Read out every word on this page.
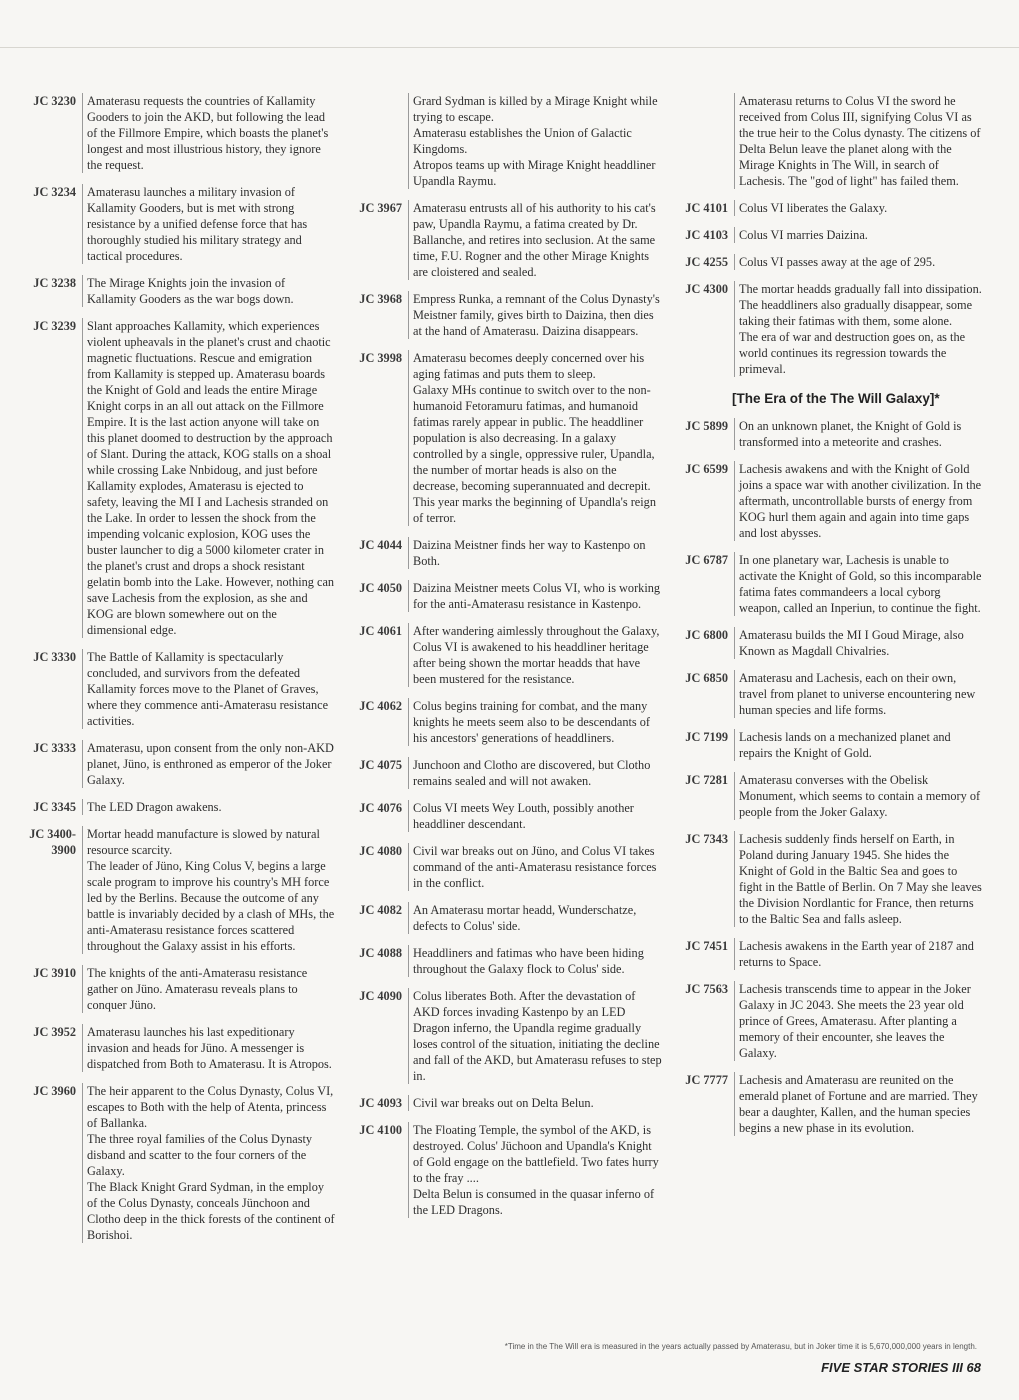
JC 3230 Amaterasu requests the countries of Kallamity Gooders to join the AKD, but following the lead of the Fillmore Empire, which boasts the planet's longest and most illustrious history, they ignore the request.
JC 3234 Amaterasu launches a military invasion of Kallamity Gooders, but is met with strong resistance by a unified defense force that has thoroughly studied his military strategy and tactical procedures.
JC 3238 The Mirage Knights join the invasion of Kallamity Gooders as the war bogs down.
JC 3239 Slant approaches Kallamity, which experiences violent upheavals in the planet's crust and chaotic magnetic fluctuations. Rescue and emigration from Kallamity is stepped up. Amaterasu boards the Knight of Gold and leads the entire Mirage Knight corps in an all out attack on the Fillmore Empire. It is the last action anyone will take on this planet doomed to destruction by the approach of Slant. During the attack, KOG stalls on a shoal while crossing Lake Nnbidoug, and just before Kallamity explodes, Amaterasu is ejected to safety, leaving the MI I and Lachesis stranded on the Lake. In order to lessen the shock from the impending volcanic explosion, KOG uses the buster launcher to dig a 5000 kilometer crater in the planet's crust and drops a shock resistant gelatin bomb into the Lake. However, nothing can save Lachesis from the explosion, as she and KOG are blown somewhere out on the dimensional edge.
JC 3330 The Battle of Kallamity is spectacularly concluded, and survivors from the defeated Kallamity forces move to the Planet of Graves, where they commence anti-Amaterasu resistance activities.
JC 3333 Amaterasu, upon consent from the only non-AKD planet, Jüno, is enthroned as emperor of the Joker Galaxy.
JC 3345 The LED Dragon awakens.
JC 3400-
3900
Mortar headd manufacture is slowed by natural resource scarcity.
The leader of Jüno, King Colus V, begins a large scale program to improve his country's MH force led by the Berlins. Because the outcome of any battle is invariably decided by a clash of MHs, the anti-Amaterasu resistance forces scattered throughout the Galaxy assist in his efforts.
JC 3910 The knights of the anti-Amaterasu resistance gather on Jüno. Amaterasu reveals plans to conquer Jüno.
JC 3952 Amaterasu launches his last expeditionary invasion and heads for Jüno. A messenger is dispatched from Both to Amaterasu. It is Atropos.
JC 3960 The heir apparent to the Colus Dynasty, Colus VI, escapes to Both with the help of Atenta, princess of Ballanka.
The three royal families of the Colus Dynasty disband and scatter to the four corners of the Galaxy.
The Black Knight Grard Sydman, in the employ of the Colus Dynasty, conceals Jünchoon and Clotho deep in the thick forests of the continent of Borishoi.
Grard Sydman is killed by a Mirage Knight while trying to escape.
Amaterasu establishes the Union of Galactic Kingdoms.
Atropos teams up with Mirage Knight headdliner Upandla Raymu.
JC 3967 Amaterasu entrusts all of his authority to his cat's paw, Upandla Raymu, a fatima created by Dr. Ballanche, and retires into seclusion. At the same time, F.U. Rogner and the other Mirage Knights are cloistered and sealed.
JC 3968 Empress Runka, a remnant of the Colus Dynasty's Meistner family, gives birth to Daizina, then dies at the hand of Amaterasu. Daizina disappears.
JC 3998 Amaterasu becomes deeply concerned over his aging fatimas and puts them to sleep.
Galaxy MHs continue to switch over to the non-humanoid Fetoramuru fatimas, and humanoid fatimas rarely appear in public. The headdliner population is also decreasing. In a galaxy controlled by a single, oppressive ruler, Upandla, the number of mortar heads is also on the decrease, becoming superannuated and decrepit.
This year marks the beginning of Upandla's reign of terror.
JC 4044 Daizina Meistner finds her way to Kastenpo on Both.
JC 4050 Daizina Meistner meets Colus VI, who is working for the anti-Amaterasu resistance in Kastenpo.
JC 4061 After wandering aimlessly throughout the Galaxy, Colus VI is awakened to his headdliner heritage after being shown the mortar headds that have been mustered for the resistance.
JC 4062 Colus begins training for combat, and the many knights he meets seem also to be descendants of his ancestors' generations of headdliners.
JC 4075 Junchoon and Clotho are discovered, but Clotho remains sealed and will not awaken.
JC 4076 Colus VI meets Wey Louth, possibly another headdliner descendant.
JC 4080 Civil war breaks out on Jüno, and Colus VI takes command of the anti-Amaterasu resistance forces in the conflict.
JC 4082 An Amaterasu mortar headd, Wunderschatze, defects to Colus' side.
JC 4088 Headdliners and fatimas who have been hiding throughout the Galaxy flock to Colus' side.
JC 4090 Colus liberates Both. After the devastation of AKD forces invading Kastenpo by an LED Dragon inferno, the Upandla regime gradually loses control of the situation, initiating the decline and fall of the AKD, but Amaterasu refuses to step in.
JC 4093 Civil war breaks out on Delta Belun.
JC 4100 The Floating Temple, the symbol of the AKD, is destroyed. Colus' Jüchoon and Upandla's Knight of Gold engage on the battlefield. Two fates hurry to the fray ....
Delta Belun is consumed in the quasar inferno of the LED Dragons.
Amaterasu returns to Colus VI the sword he received from Colus III, signifying Colus VI as the true heir to the Colus dynasty. The citizens of Delta Belun leave the planet along with the Mirage Knights in The Will, in search of Lachesis. The "god of light" has failed them.
JC 4101 Colus VI liberates the Galaxy.
JC 4103 Colus VI marries Daizina.
JC 4255 Colus VI passes away at the age of 295.
JC 4300 The mortar headds gradually fall into dissipation. The headdliners also gradually disappear, some taking their fatimas with them, some alone.
The era of war and destruction goes on, as the world continues its regression towards the primeval.
[The Era of the The Will Galaxy]*
JC 5899 On an unknown planet, the Knight of Gold is transformed into a meteorite and crashes.
JC 6599 Lachesis awakens and with the Knight of Gold joins a space war with another civilization. In the aftermath, uncontrollable bursts of energy from KOG hurl them again and again into time gaps and lost abysses.
JC 6787 In one planetary war, Lachesis is unable to activate the Knight of Gold, so this incomparable fatima fates commandeers a local cyborg weapon, called an Inperiun, to continue the fight.
JC 6800 Amaterasu builds the MI I Goud Mirage, also Known as Magdall Chivalries.
JC 6850 Amaterasu and Lachesis, each on their own, travel from planet to universe encountering new human species and life forms.
JC 7199 Lachesis lands on a mechanized planet and repairs the Knight of Gold.
JC 7281 Amaterasu converses with the Obelisk Monument, which seems to contain a memory of people from the Joker Galaxy.
JC 7343 Lachesis suddenly finds herself on Earth, in Poland during January 1945. She hides the Knight of Gold in the Baltic Sea and goes to fight in the Battle of Berlin. On 7 May she leaves the Division Nordlantic for France, then returns to the Baltic Sea and falls asleep.
JC 7451 Lachesis awakens in the Earth year of 2187 and returns to Space.
JC 7563 Lachesis transcends time to appear in the Joker Galaxy in JC 2043. She meets the 23 year old prince of Grees, Amaterasu. After planting a memory of their encounter, she leaves the Galaxy.
JC 7777 Lachesis and Amaterasu are reunited on the emerald planet of Fortune and are married. They bear a daughter, Kallen, and the human species begins a new phase in its evolution.
*Time in the The Will era is measured in the years actually passed by Amaterasu, but in Joker time it is 5,670,000,000 years in length.
FIVE STAR STORIES III 68
